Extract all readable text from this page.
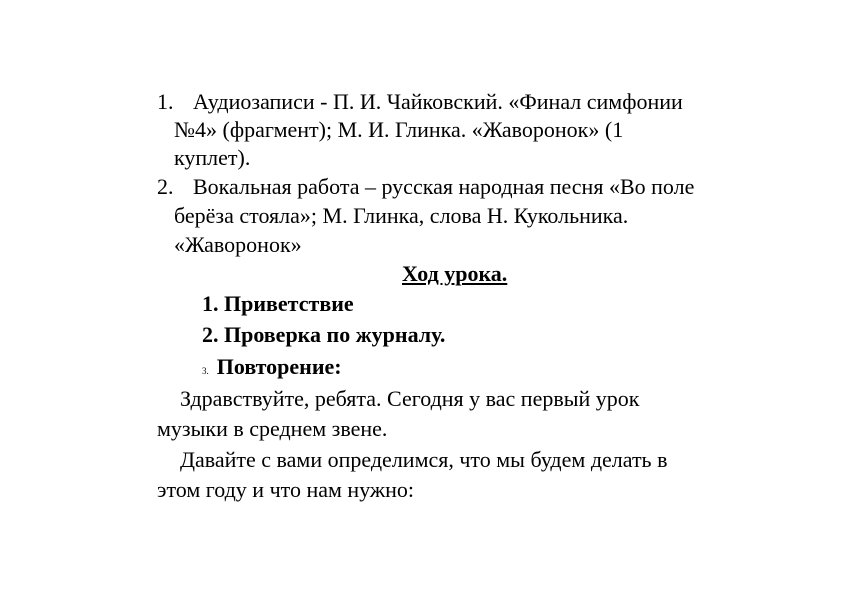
1. Аудиозаписи - П. И. Чайковский. «Финал симфонии
№4» (фрагмент); М. И. Глинка. «Жаворонок» (1
куплет).
2. Вокальная работа – русская народная песня «Во поле
берёза стояла»; М. Глинка, слова Н. Кукольника.
«Жаворонок»
Ход урока.
1. Приветствие
2. Проверка по журналу.
3. Повторение:
Здравствуйте, ребята. Сегодня у вас первый урок
музыки в среднем звене.
Давайте с вами определимся, что мы будем делать в
этом году и что нам нужно:
